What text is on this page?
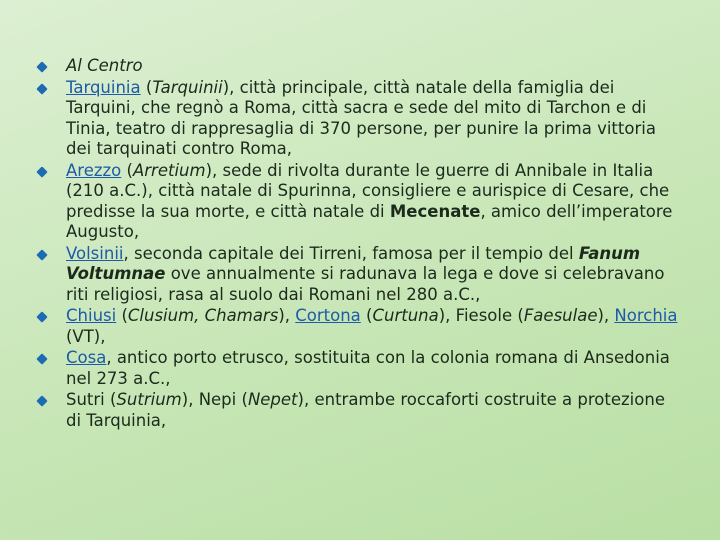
Al Centro
Tarquinia (Tarquinii), città principale, città natale della famiglia dei Tarquini, che regnò a Roma, città sacra e sede del mito di Tarchon e di Tinia, teatro di rappresaglia di 370 persone, per punire la prima vittoria dei tarquinati contro Roma,
Arezzo (Arretium), sede di rivolta durante le guerre di Annibale in Italia (210 a.C.), città natale di Spurinna, consigliere e aurispice di Cesare, che predisse la sua morte, e città natale di Mecenate, amico dell’imperatore Augusto,
Volsinii, seconda capitale dei Tirreni, famosa per il tempio del Fanum Voltumnae ove annualmente si radunava la lega e dove si celebravano riti religiosi, rasa al suolo dai Romani nel 280 a.C.,
Chiusi (Clusium, Chamars), Cortona (Curtuna), Fiesole (Faesulae), Norchia (VT),
Cosa, antico porto etrusco, sostituita con la colonia romana di Ansedonia nel 273 a.C.,
Sutri (Sutrium), Nepi (Nepet), entrambe roccaforti costruite a protezione di Tarquinia,
